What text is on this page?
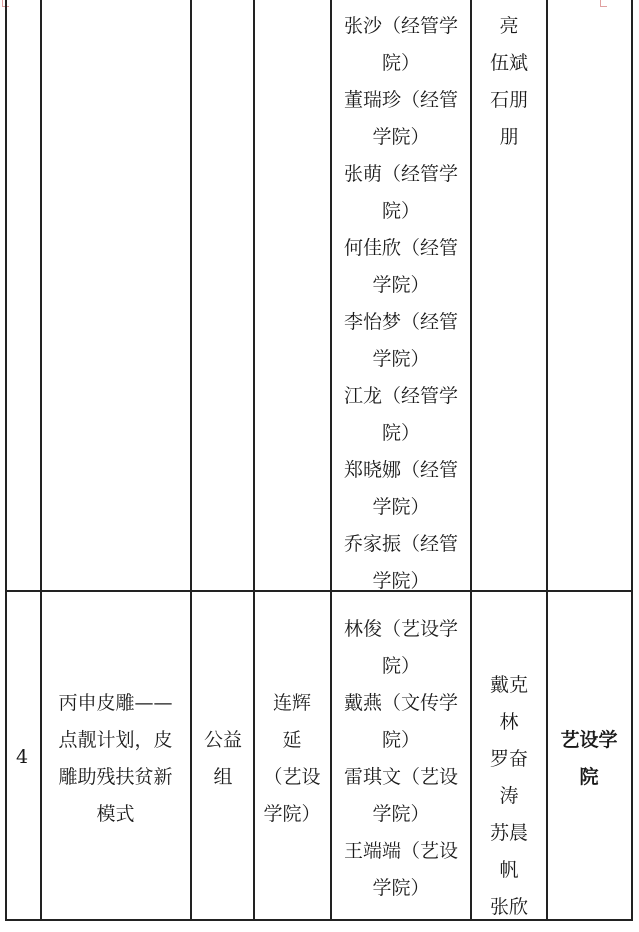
张沙（经管学
院）
董瑞珍（经管
学院）
张萌（经管学
院）
何佳欣（经管
学院）
李怡梦（经管
学院）
江龙（经管学
院）
郑晓娜（经管
学院）
乔家振（经管
学院）
亮
伍斌
石朋
朋
4
丙申皮雕——
点靓计划，皮
雕助残扶贫新
模式
公益
组
连辉
延
（艺设
学院）
林俊（艺设学
院）
戴燕（文传学
院）
雷琪文（艺设
学院）
王端端（艺设
学院）
戴克
林
罗奋
涛
苏晨
帆
张欣
艺设学
院
